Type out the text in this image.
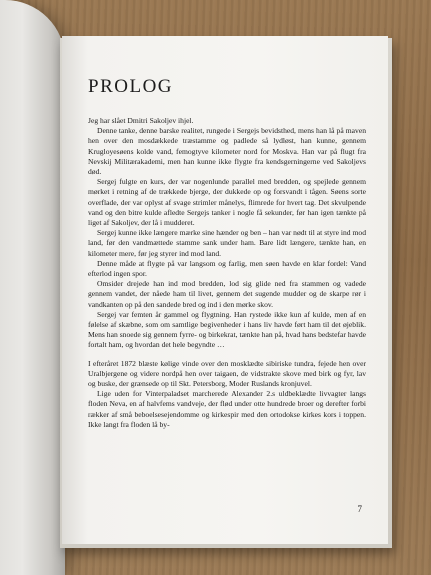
PROLOG

Jeg har slået Dmitri Sakoljev ihjel.

Denne tanke, denne barske realitet, rungede i Sergejs bevidsthed, mens han lå på maven hen over den mosdækkede træstamme og padlede så lydløst, han kunne, gennem Krugloyesøens kolde vand, femogtyve kilometer nord for Moskva. Han var på flugt fra Nevskij Militærakademi, men han kunne ikke flygte fra kendsgerningerne ved Sakoljevs død.

Sergej fulgte en kurs, der var nogenlunde parallel med bredden, og spejlede gennem mørket i retning af de trækkede bjerge, der dukkede op og forsvandt i tågen. Søens sorte overflade, der var oplyst af svage strimler månelys, flimrede for hvert tag. Det skvulpende vand og den bitre kulde afledte Sergejs tanker i nogle få sekunder, før han igen tænkte på liget af Sakoljev, der lå i mudderet.

Sergej kunne ikke længere mærke sine hænder og ben – han var nødt til at styre ind mod land, før den vandmættede stamme sank under ham. Bare lidt længere, tænkte han, en kilometer mere, før jeg styrer ind mod land.

Denne måde at flygte på var langsom og farlig, men søen havde en klar fordel: Vand efterlod ingen spor.

Omsider drejede han ind mod bredden, lod sig glide ned fra stammen og vadede gennem vandet, der nåede ham til livet, gennem det sugende mudder og de skarpe rør i vandkanten op på den sandede bred og ind i den mørke skov.

Sergej var femten år gammel og flygtning. Han rystede ikke kun af kulde, men af en følelse af skæbne, som om samtlige begivenheder i hans liv havde ført ham til det øjeblik. Mens han snoede sig gennem fyrre- og birkekrat, tænkte han på, hvad hans bedstefar havde fortalt ham, og hvordan det hele begyndte …

I efteråret 1872 blæste kølige vinde over den mosklædte sibiriske tundra, fejede hen over Uralbjergene og videre nordpå hen over taigaen, de vidstrakte skove med birk og fyr, lav og buske, der grænsede op til Skt. Petersborg, Moder Ruslands kronjuvel.

Lige uden for Vinterpaladset marcherede Alexander 2.s uldbeklædte livvagter langs floden Neva, en af halvfems vandveje, der flød under otte hundrede broer og derefter forbi rækker af små beboelsesejendomme og kirkespir med den ortodokse kirkes kors i toppen. Ikke langt fra floden lå by-

7
